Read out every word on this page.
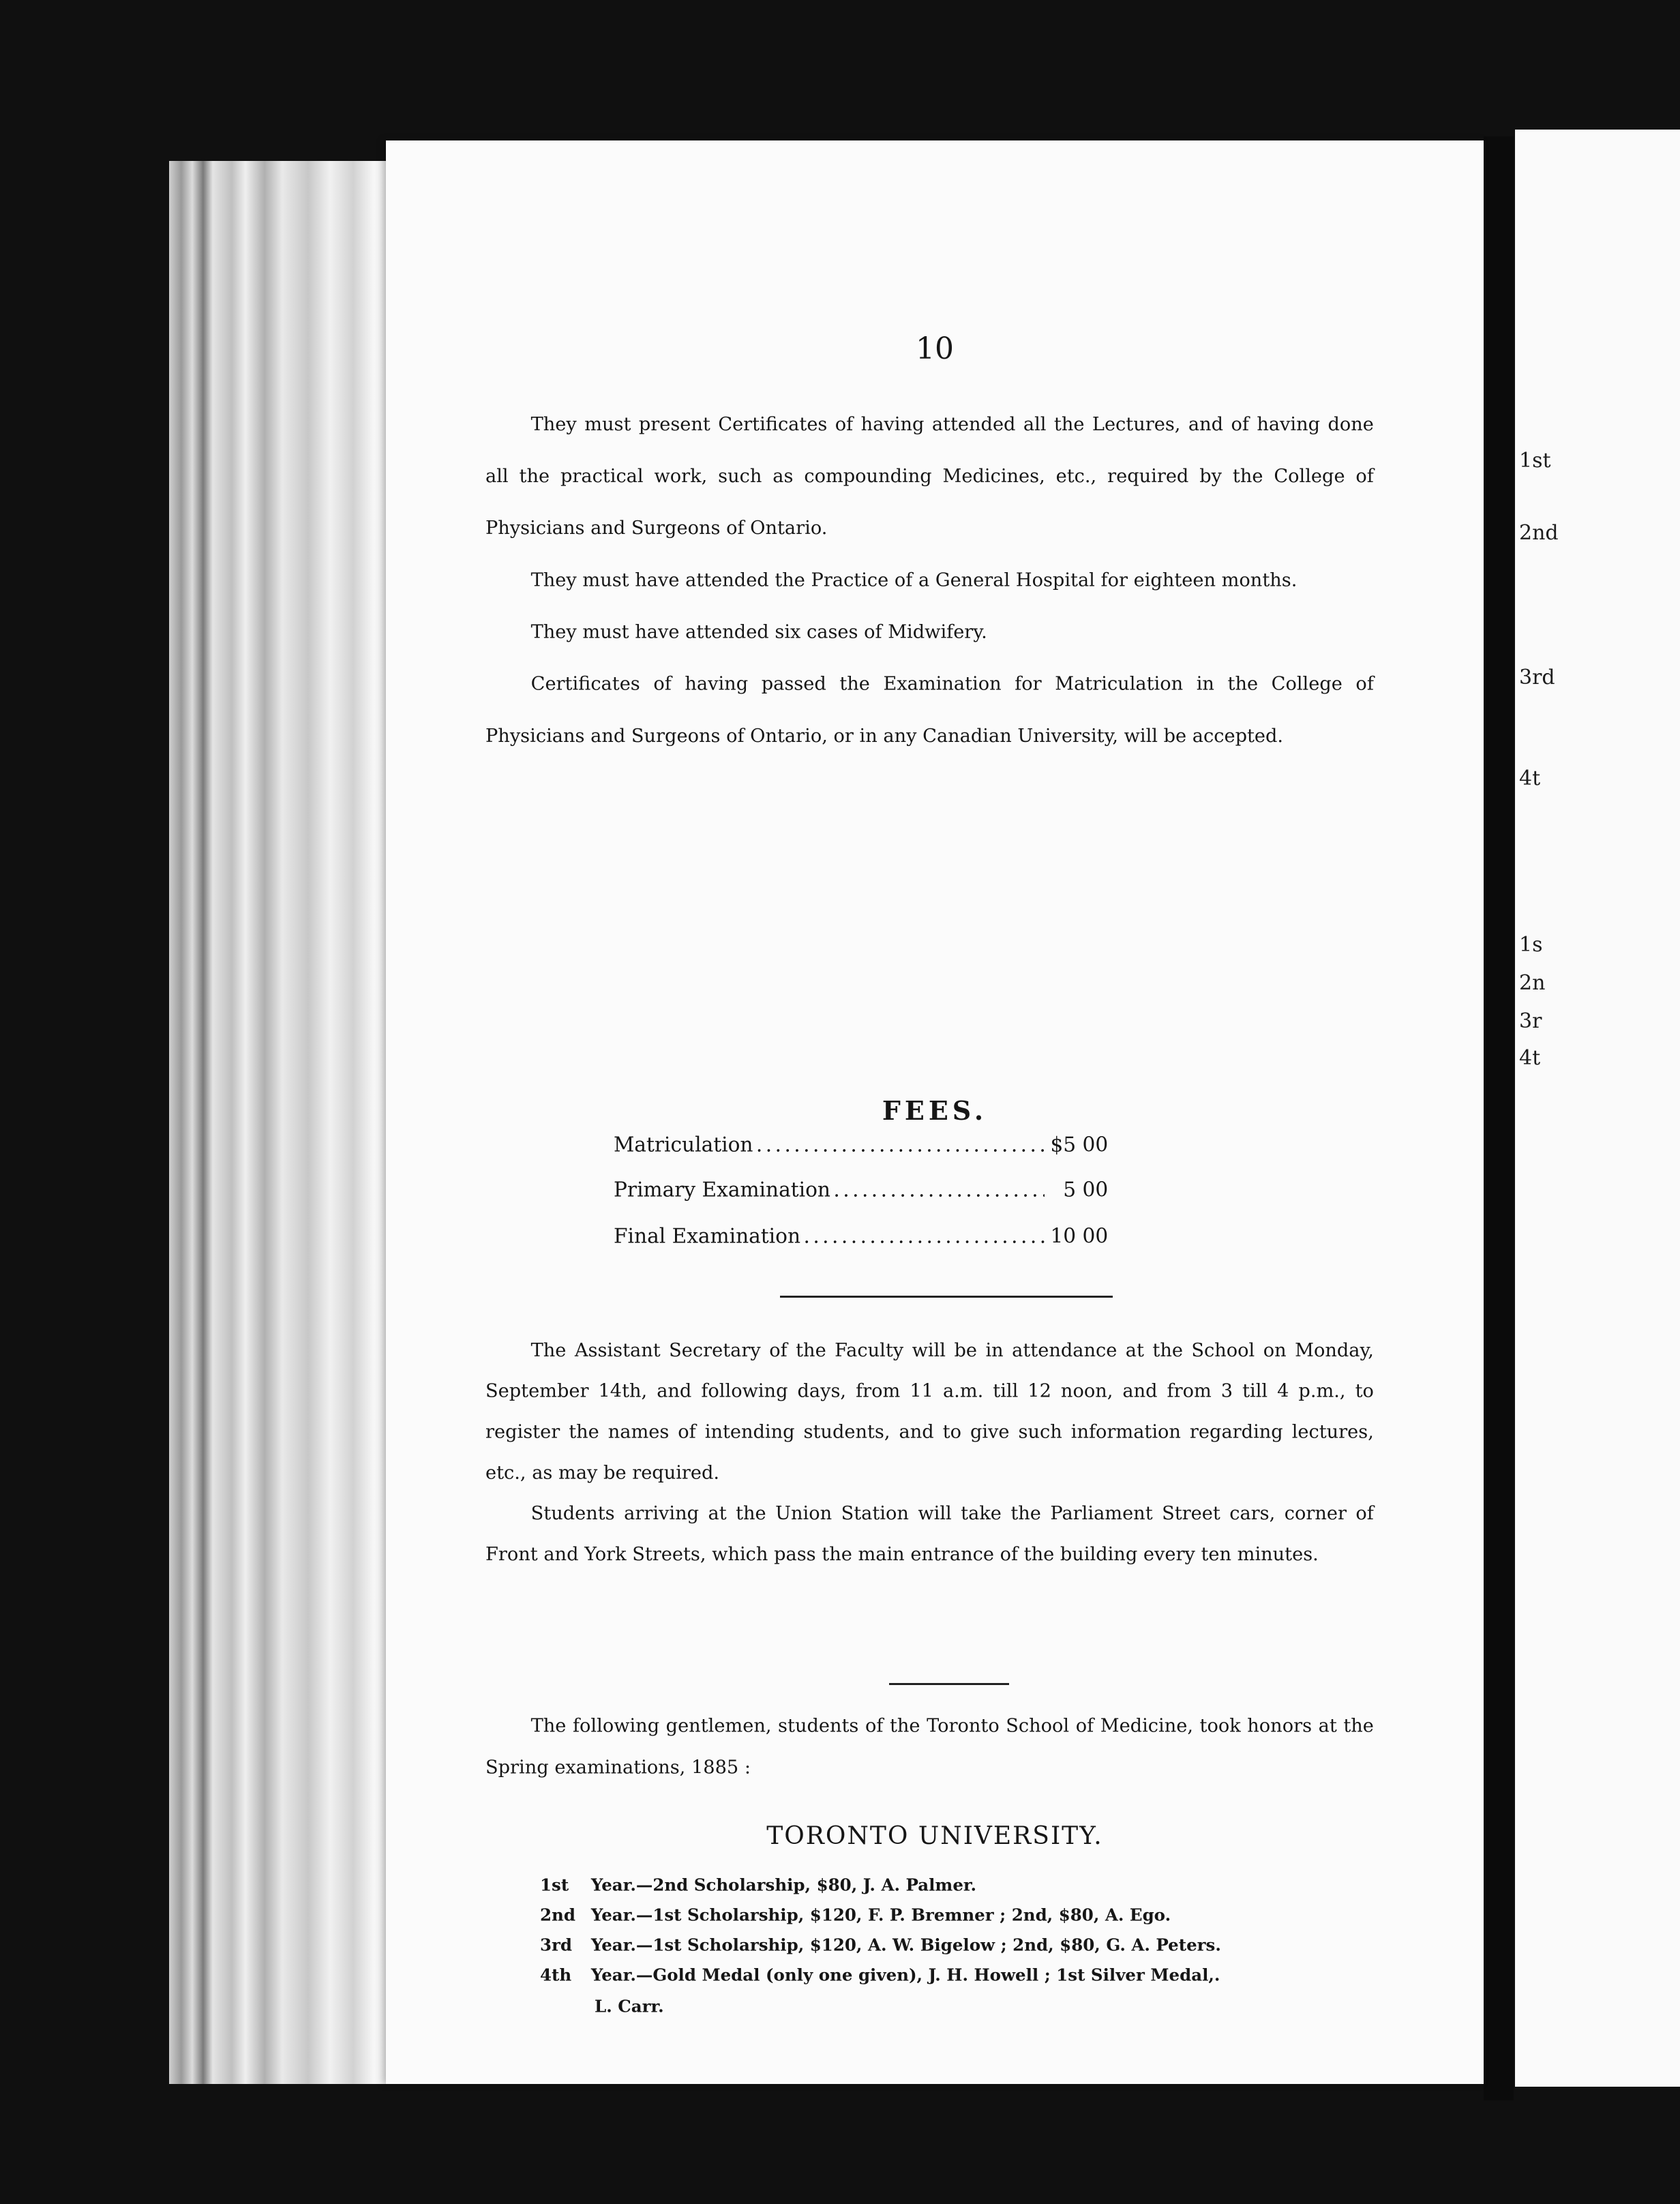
1st
2nd
3rd
4t
1s
2n
3r
4t
10

They must present Certificates of having attended all the Lectures, and of having done all the practical work, such as compounding Medicines, etc., required by the College of Physicians and Surgeons of Ontario.

They must have attended the Practice of a General Hospital for eighteen months.

They must have attended six cases of Midwifery.

Certificates of having passed the Examination for Matriculation in the College of Physicians and Surgeons of Ontario, or in any Canadian University, will be accepted.

FEES.
Matriculation .....	$5 00
Primary Examination .....	5 00
Final Examination .....	10 00

The Assistant Secretary of the Faculty will be in attendance at the School on Monday, September 14th, and following days, from 11 a.m. till 12 noon, and from 3 till 4 p.m., to register the names of intending students, and to give such information regarding lectures, etc., as may be required.

Students arriving at the Union Station will take the Parliament Street cars, corner of Front and York Streets, which pass the main entrance of the building every ten minutes.

The following gentlemen, students of the Toronto School of Medicine, took honors at the Spring examinations, 1885 :

TORONTO UNIVERSITY.
1st Year.—2nd Scholarship, $80, J. A. Palmer.
2nd Year.—1st Scholarship, $120, F. P. Bremner ; 2nd, $80, A. Ego.
3rd Year.—1st Scholarship, $120, A. W. Bigelow ; 2nd, $80, G. A. Peters.
4th Year.—Gold Medal (only one given), J. H. Howell ; 1st Silver Medal,.
L. Carr.
